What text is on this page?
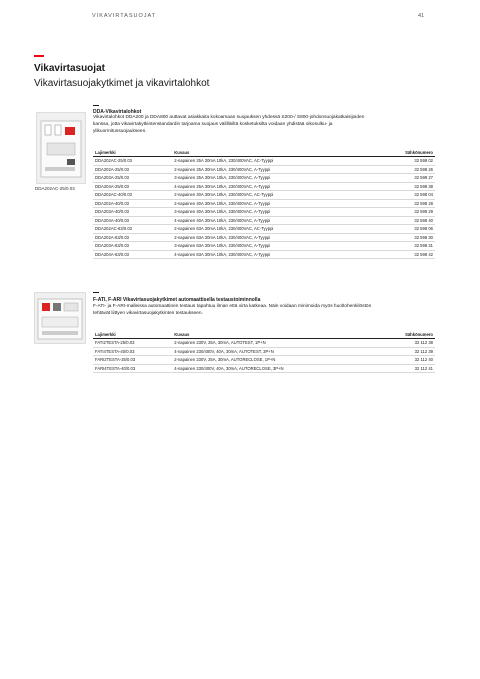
VIKAVIRTASUOJAT	41
Vikavirtasuojat
Vikavirtasuojakytkimet ja vikavirtalohkot
DDA202AC-25/0.03
DDA-Vikavirtalohkot
Vikavirtalohkot DDA200 ja DDA800 auttavat asiakkaita kokoamaan suojauksen yhdessä S200-/ S800-johdonsuojakatkaisijoiden kanssa, jotta vikavirtakytkintenstandardin tarjoama suojaus välillisiltä kosketuksilta voidaan yhdistää oikosulku- ja ylikuormitussuojaukseen.
Lajimerkki	Kuvaus	Sähkönumero
DDA202AC-25/0.03	2-napainen 25A 30mA 10kA, 230/400VAC, AC-Tyyppi	32 598 02
DDA202A-25/0.03	2-napainen 25A 30mA 10kA, 230/400VAC, A-Tyyppi	32 598 26
DDA203A-25/0.03	3-napainen 25A 30mA 10kA, 230/400VAC, A-Tyyppi	32 598 27
DDA204A-25/0.03	4-napainen 25A 30mA 10kA, 230/400VAC, A-Tyyppi	32 598 38
DDA202AC-40/0.03	2-napainen 40A 30mA 10kA, 230/400VAC, AC-Tyyppi	32 598 04
DDA202A-40/0.03	2-napainen 40A 30mA 10kA, 230/400VAC, A-Tyyppi	32 598 28
DDA203A-40/0.03	3-napainen 40A 30mA 10kA, 230/400VAC, A-Tyyppi	32 598 29
DDA204A-40/0.03	4-napainen 40A 30mA 10kA, 230/400VAC, A-Tyyppi	32 598 40
DDA202AC-63/0.03	2-napainen 63A 30mA 10kA, 230/400VAC, AC-Tyyppi	32 598 06
DDA202A-63/0.03	2-napainen 63A 30mA 10kA, 230/400VAC, A-Tyyppi	32 598 30
DDA203A-63/0.03	3-napainen 63A 30mA 10kA, 230/400VAC, A-Tyyppi	32 598 31
DDA204A-63/0.03	4-napainen 63A 30mA 10kA, 230/400VAC, A-Tyyppi	32 598 42
F-ATI, F-ARI Vikavirtasuojakytkimet automaattisella testaustoiminnolla
F-ATI- ja F-ARI-malleissa automaattinen testaus tapahtuu ilman että virta katkeaa. Näin voidaan minimoida myös huoltohenkilöstön tehtävät liittyen vikavirtasuojakytkinten testaukseen.
Lajimerkki	Kuvaus	Sähkönumero
FATI2TESTA-25/0.03	2-napainen 230V, 25A, 30mA, AUTOTEST, 1P+N	32 112 38
FATI4TESTA-40/0.03	4-napainen 230/400V, 40A, 30mA, AUTOTEST, 3P+N	32 112 39
FARI2TESTA-25/0.03	2-napainen 230V, 25A, 30mA, AUTORECLOSE, 1P+N	32 112 40
FARI4TESTA-40/0.03	4-napainen 230/400V, 40A, 30mA, AUTORECLOSE, 3P+N	32 112 41
